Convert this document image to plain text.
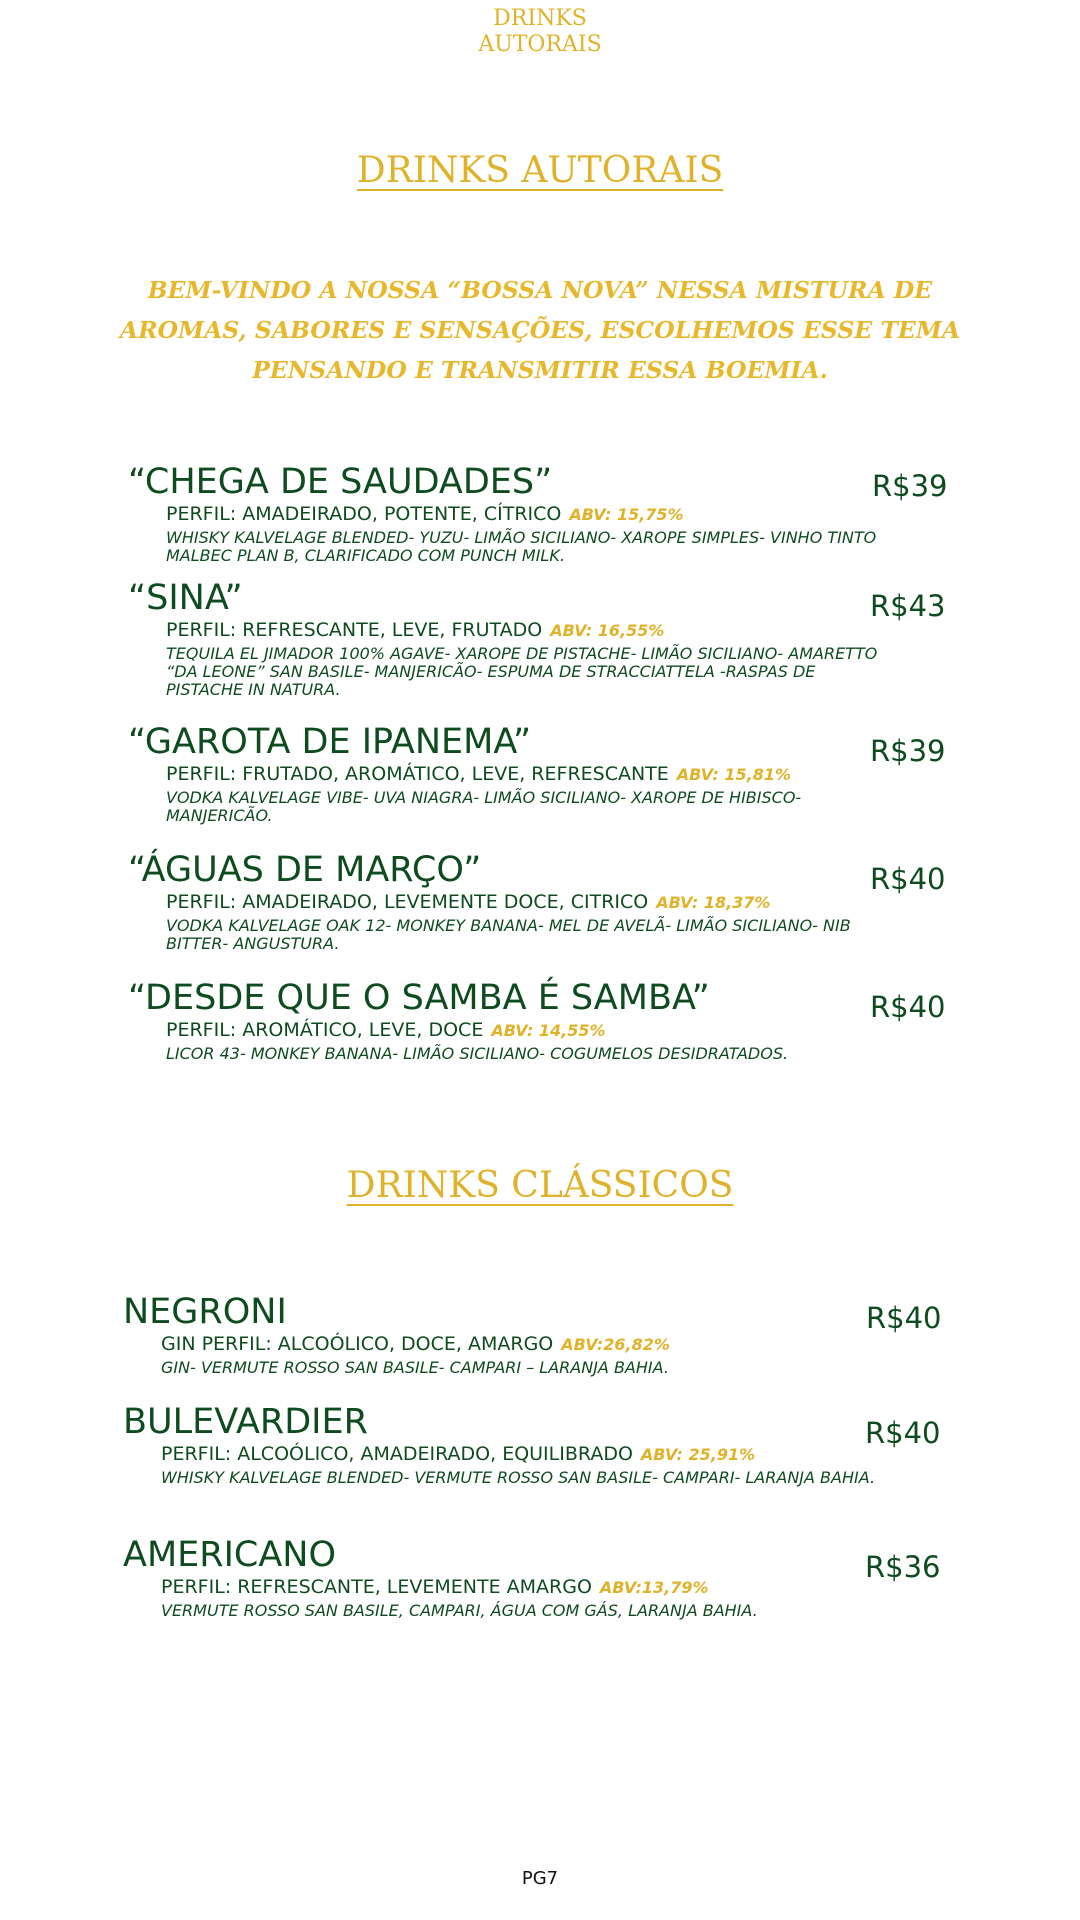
DRINKS
AUTORAIS
DRINKS AUTORAIS
BEM-VINDO A NOSSA “BOSSA NOVA” NESSA MISTURA DE AROMAS, SABORES E SENSAÇÕES, ESCOLHEMOS ESSE TEMA PENSANDO E TRANSMITIR ESSA BOEMIA.
“CHEGA DE SAUDADES”
PERFIL: AMADEIRADO, POTENTE, CÍTRICO ABV: 15,75%
WHISKY KALVELAGE BLENDED- YUZU- LIMÃO SICILIANO- XAROPE SIMPLES- VINHO TINTO MALBEC PLAN B, CLARIFICADO COM PUNCH MILK.
R$39
“SINA”
PERFIL: REFRESCANTE, LEVE, FRUTADO ABV: 16,55%
TEQUILA EL JIMADOR 100% AGAVE- XAROPE DE PISTACHE- LIMÃO SICILIANO- AMARETTO “DA LEONE” SAN BASILE- MANJERICÃO- ESPUMA DE STRACCIATTELA -RASPAS DE PISTACHE IN NATURA.
R$43
“GAROTA DE IPANEMA”
PERFIL: FRUTADO, AROMÁTICO, LEVE, REFRESCANTE ABV: 15,81%
VODKA KALVELAGE VIBE- UVA NIAGRA- LIMÃO SICILIANO- XAROPE DE HIBISCO- MANJERICÃO.
R$39
“ÁGUAS DE MARÇO”
PERFIL: AMADEIRADO, LEVEMENTE DOCE, CITRICO ABV: 18,37%
VODKA KALVELAGE OAK 12- MONKEY BANANA- MEL DE AVELÃ- LIMÃO SICILIANO- NIB BITTER- ANGUSTURA.
R$40
“DESDE QUE O SAMBA É SAMBA”
PERFIL: AROMÁTICO, LEVE, DOCE ABV: 14,55%
LICOR 43- MONKEY BANANA- LIMÃO SICILIANO- COGUMELOS DESIDRATADOS.
R$40
DRINKS CLÁSSICOS
NEGRONI
GIN PERFIL: ALCOÓLICO, DOCE, AMARGO ABV:26,82%
GIN- VERMUTE ROSSO SAN BASILE- CAMPARI – LARANJA BAHIA.
R$40
BULEVARDIER
PERFIL: ALCOÓLICO, AMADEIRADO, EQUILIBRADO ABV: 25,91%
WHISKY KALVELAGE BLENDED- VERMUTE ROSSO SAN BASILE- CAMPARI- LARANJA BAHIA.
R$40
AMERICANO
PERFIL: REFRESCANTE, LEVEMENTE AMARGO ABV:13,79%
VERMUTE ROSSO SAN BASILE, CAMPARI, ÁGUA COM GÁS, LARANJA BAHIA.
R$36
PG7
